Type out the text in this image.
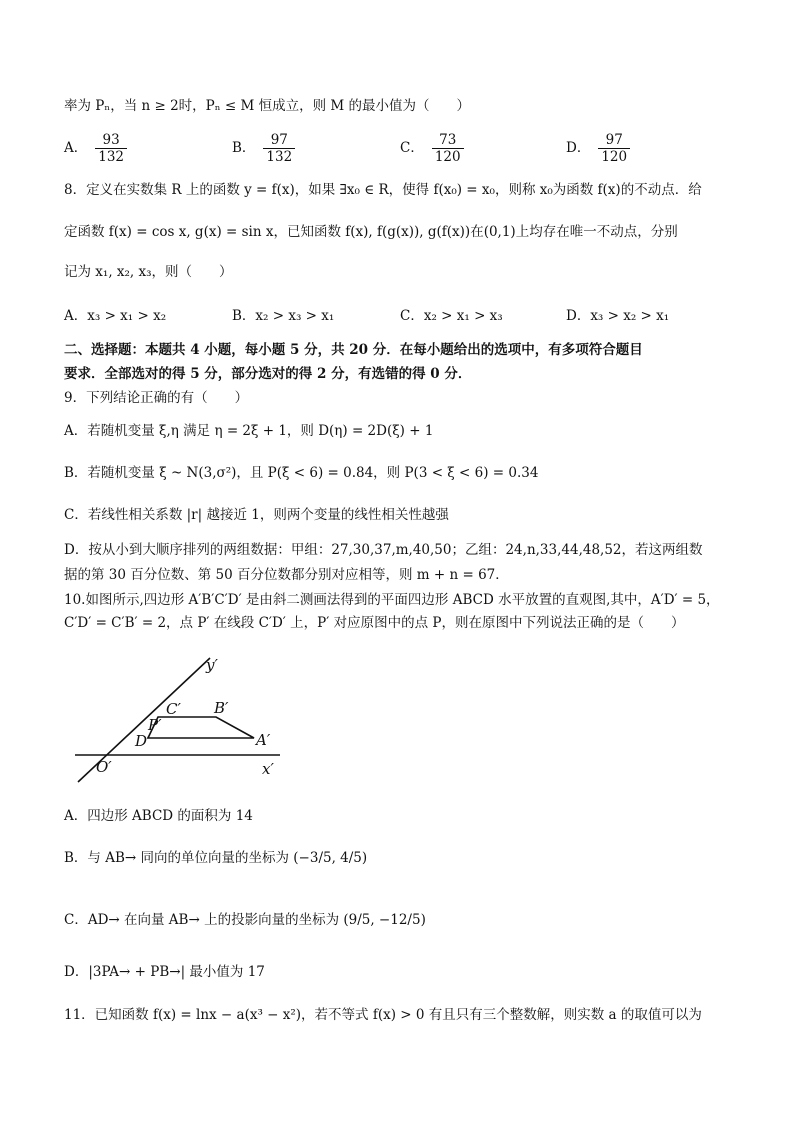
率为 Pₙ，当 n ≥ 2时，Pₙ ≤ M 恒成立，则 M 的最小值为（　　）
A． $\frac{93}{132}$	B． $\frac{97}{132}$	C． $\frac{73}{120}$	D． $\frac{97}{120}$
8．定义在实数集 R 上的函数 y = f(x)，如果 ∃x₀ ∈ R，使得 f(x₀) = x₀，则称 x₀为函数 f(x)的不动点．给
定函数 f(x) = cos x, g(x) = sin x，已知函数 f(x), f(g(x)), g(f(x))在(0,1)上均存在唯一不动点，分别
记为 x₁, x₂, x₃，则（　　）
A．x₃ > x₁ > x₂	B．x₂ > x₃ > x₁	C．x₂ > x₁ > x₃	D．x₃ > x₂ > x₁
二、选择题：本题共 4 小题，每小题 5 分，共 20 分．在每小题给出的选项中，有多项符合题目
要求．全部选对的得 5 分，部分选对的得 2 分，有选错的得 0 分．
9．下列结论正确的有（　　）
A．若随机变量 ξ,η 满足 η = 2ξ + 1，则 D(η) = 2D(ξ) + 1
B．若随机变量 ξ ~ N(3,σ²)，且 P(ξ < 6) = 0.84，则 P(3 < ξ < 6) = 0.34
C．若线性相关系数 |r| 越接近 1，则两个变量的线性相关性越强
D．按从小到大顺序排列的两组数据：甲组：27,30,37,m,40,50；乙组：24,n,33,44,48,52，若这两组数
据的第 30 百分位数、第 50 百分位数都分别对应相等，则 m + n = 67．
10.如图所示,四边形 A′B′C′D′ 是由斜二测画法得到的平面四边形 ABCD 水平放置的直观图,其中，A′D′ = 5，
C′D′ = C′B′ = 2，点 P′ 在线段 C′D′ 上，P′ 对应原图中的点 P，则在原图中下列说法正确的是（　　）
y′
x′
O′
A′
B′
C′
D′
P′
A．四边形 ABCD 的面积为 14
B．与 AB→ 同向的单位向量的坐标为 (−3/5, 4/5)
C．AD→ 在向量 AB→ 上的投影向量的坐标为 (9/5, −12/5)
D．|3PA→ + PB→| 最小值为 17
11．已知函数 f(x) = lnx − a(x³ − x²)，若不等式 f(x) > 0 有且只有三个整数解，则实数 a 的取值可以为
